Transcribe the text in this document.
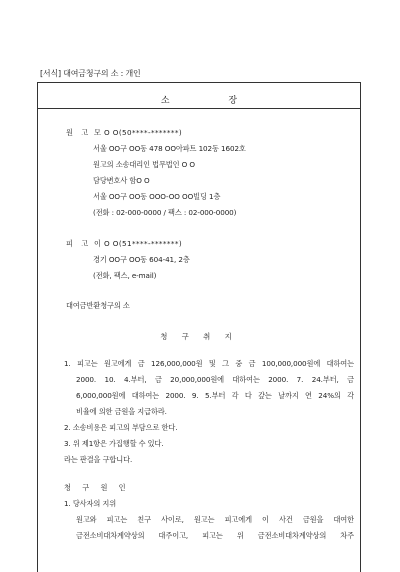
[서식] 대여금청구의 소 : 개인
소 장
원 고 모 O O(50****-*******)
서울 OO구 OO동 478 OO아파트 102동 1602호
원고의 소송대리인 법무법인 O O
담당변호사 함O O
서울 OO구 OO동 OOO-OO OO빌딩 1층
(전화 : 02-000-0000 / 팩스 : 02-000-0000)
피 고 이 O O(51****-*******)
경기 OO구 OO동 604-41, 2층
(전화, 팩스, e-mail)
대여금반환청구의 소
청 구 취 지
1. 피고는 원고에게 금 126,000,000원 및 그 중 금 100,000,000원에 대하여는
2000. 10. 4.부터, 금 20,000,000원에 대하여는 2000. 7. 24.부터, 금
6,000,000원에 대하여는 2000. 9. 5.부터 각 다 갚는 날까지 연 24%의 각
비율에 의한 금원을 지급하라.
2. 소송비용은 피고의 부담으로 한다.
3. 위 제1항은 가집행할 수 있다.
라는 판결을 구합니다.
청 구 원 인
1. 당사자의 지위
원고와 피고는 친구 사이로, 원고는 피고에게 이 사건 금원을 대여한
금전소비대차계약상의 대주이고, 피고는 위 금전소비대차계약상의 차주
